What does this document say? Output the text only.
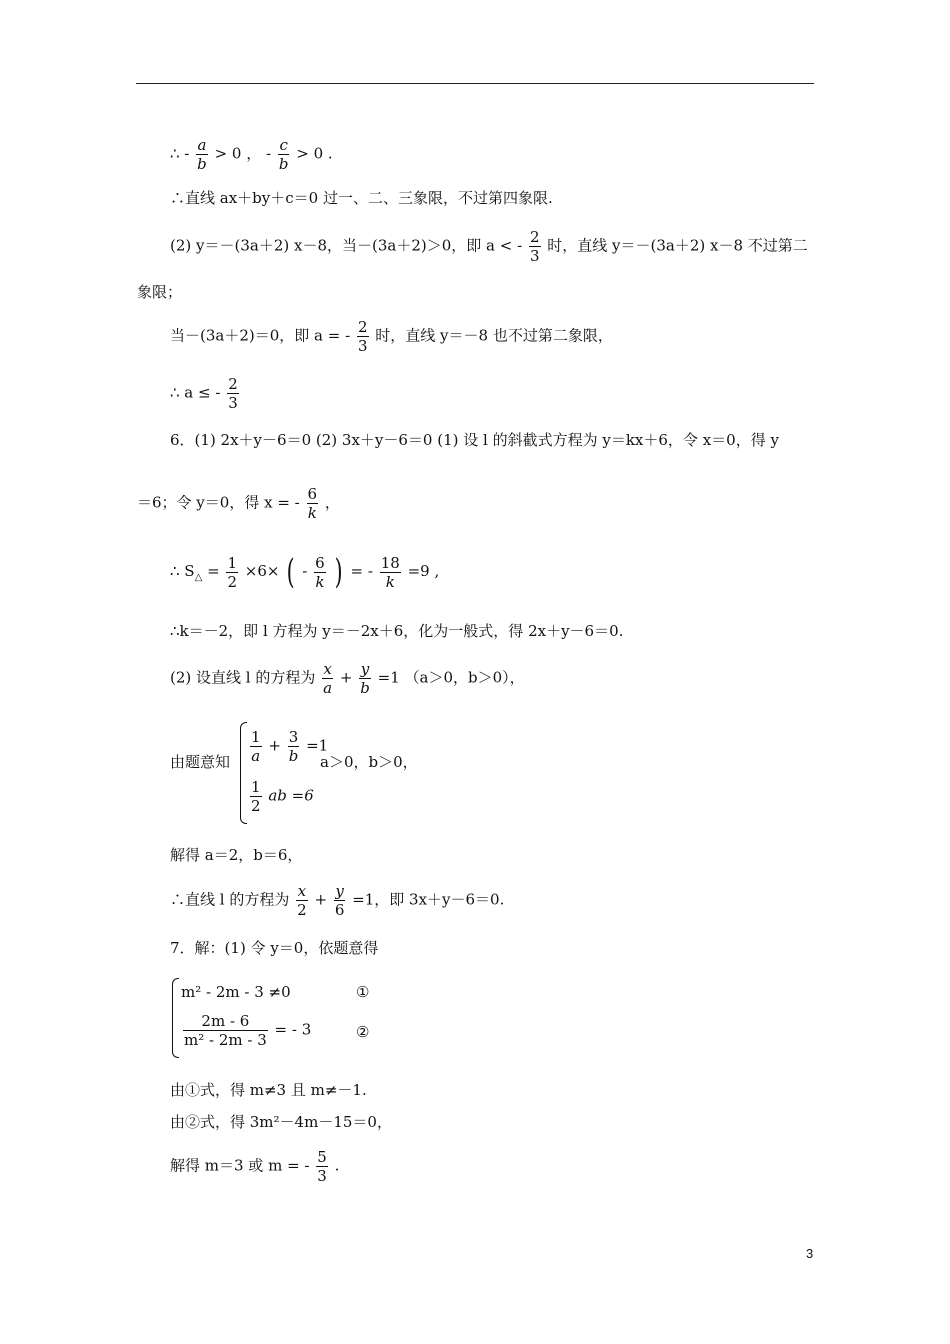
∴ - $\frac{a}{b} > 0$ ， - $\frac{c}{b} > 0$ .
∴直线 ax＋by＋c＝0 过一、二、三象限，不过第四象限.
(2) y＝－(3a＋2) x－8，当－(3a＋2)＞0，即 a < - $\frac{2}{3}$ 时，直线 y＝－(3a＋2) x－8 不过第二
象限；
当－(3a＋2)＝0，即 a = - $\frac{2}{3}$ 时，直线 y＝－8 也不过第二象限，
∴ a ≤ - $\frac{2}{3}$
6．(1) 2x＋y－6＝0 (2) 3x＋y－6＝0 (1) 设 l 的斜截式方程为 y＝kx＋6，令 x＝0，得 y
＝6；令 y＝0，得 x = - $\frac{6}{k}$ ，
∴ $S_\triangle = \frac{1}{2} \times 6\times$ ( - $\frac{6}{k}$ ) = - $\frac{18}{k} =9$ ,
∴k＝－2，即 l 方程为 y＝－2x＋6，化为一般式，得 2x＋y－6＝0.
(2) 设直线 l 的方程为 $\frac{x}{a} + \frac{y}{b} =1$ （a＞0，b＞0），
由题意知 $\frac{1}{a} + \frac{3}{b} =1$
a＞0，b＞0，
$\frac{1}{2}$ ab =6
解得 a＝2，b＝6，
∴直线 l 的方程为 $\frac{x}{2} + \frac{y}{6} =1$，即 3x＋y－6＝0.
7．解：(1) 令 y＝0，依题意得
m² - 2m - 3 ≠0	①
$\frac{2m - 6}{\text{m² - 2m - 3}}$ = - 3	②
由①式，得 m≠3 且 m≠－1.
由②式，得 3m²－4m－15＝0，
解得 m＝3 或 m = - $\frac{5}{3}$ .
3
